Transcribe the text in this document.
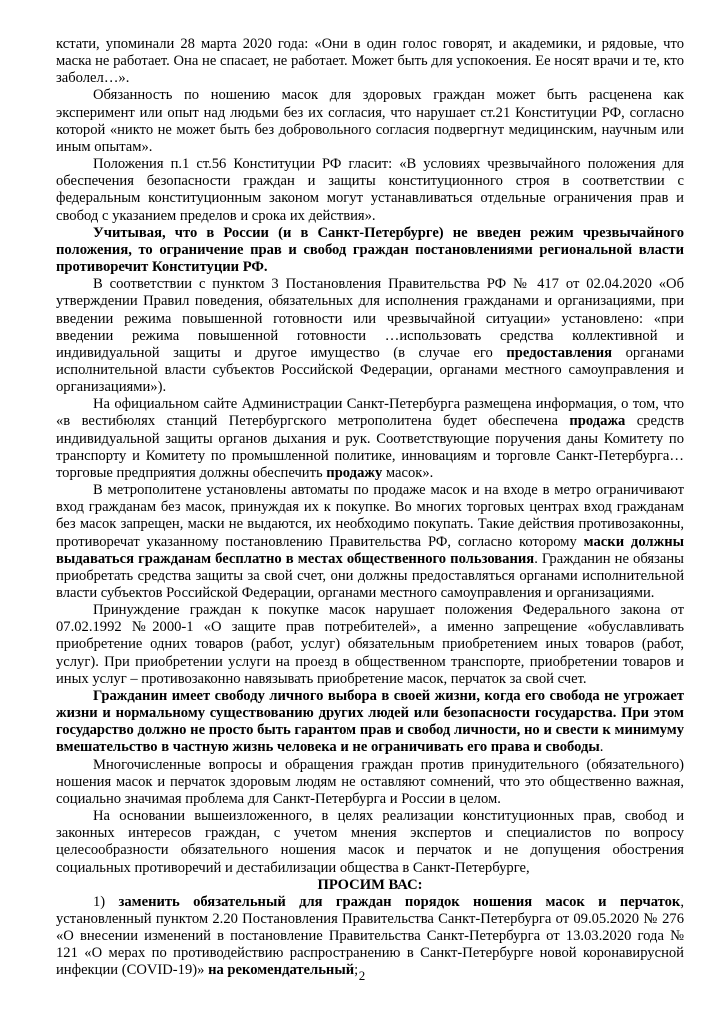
кстати, упоминали 28 марта 2020 года: «Они в один голос говорят, и академики, и рядовые, что маска не работает. Она не спасает, не работает. Может быть для успокоения. Ее носят врачи и те, кто заболел…».

Обязанность по ношению масок для здоровых граждан может быть расценена как эксперимент или опыт над людьми без их согласия, что нарушает ст.21 Конституции РФ, согласно которой «никто не может быть без добровольного согласия подвергнут медицинским, научным или иным опытам».

Положения п.1 ст.56 Конституции РФ гласит: «В условиях чрезвычайного положения для обеспечения безопасности граждан и защиты конституционного строя в соответствии с федеральным конституционным законом могут устанавливаться отдельные ограничения прав и свобод с указанием пределов и срока их действия».

Учитывая, что в России (и в Санкт-Петербурге) не введен режим чрезвычайного положения, то ограничение прав и свобод граждан постановлениями региональной власти противоречит Конституции РФ.

В соответствии с пунктом 3 Постановления Правительства РФ № 417 от 02.04.2020 «Об утверждении Правил поведения, обязательных для исполнения гражданами и организациями, при введении режима повышенной готовности или чрезвычайной ситуации» установлено: «при введении режима повышенной готовности …использовать средства коллективной и индивидуальной защиты и другое имущество (в случае его предоставления органами исполнительной власти субъектов Российской Федерации, органами местного самоуправления и организациями»).

На официальном сайте Администрации Санкт-Петербурга размещена информация, о том, что «в вестибюлях станций Петербургского метрополитена будет обеспечена продажа средств индивидуальной защиты органов дыхания и рук. Соответствующие поручения даны Комитету по транспорту и Комитету по промышленной политике, инновациям и торговле Санкт-Петербурга… торговые предприятия должны обеспечить продажу масок».

В метрополитене установлены автоматы по продаже масок и на входе в метро ограничивают вход гражданам без масок, принуждая их к покупке. Во многих торговых центрах вход гражданам без масок запрещен, маски не выдаются, их необходимо покупать. Такие действия противозаконны, противоречат указанному постановлению Правительства РФ, согласно которому маски должны выдаваться гражданам бесплатно в местах общественного пользования. Гражданин не обязаны приобретать средства защиты за свой счет, они должны предоставляться органами исполнительной власти субъектов Российской Федерации, органами местного самоуправления и организациями.

Принуждение граждан к покупке масок нарушает положения Федерального закона от 07.02.1992 №2000-1 «О защите прав потребителей», а именно запрещение «обуславливать приобретение одних товаров (работ, услуг) обязательным приобретением иных товаров (работ, услуг). При приобретении услуги на проезд в общественном транспорте, приобретении товаров и иных услуг – противозаконно навязывать приобретение масок, перчаток за свой счет.

Гражданин имеет свободу личного выбора в своей жизни, когда его свобода не угрожает жизни и нормальному существованию других людей или безопасности государства. При этом государство должно не просто быть гарантом прав и свобод личности, но и свести к минимуму вмешательство в частную жизнь человека и не ограничивать его права и свободы.

Многочисленные вопросы и обращения граждан против принудительного (обязательного) ношения масок и перчаток здоровым людям не оставляют сомнений, что это общественно важная, социально значимая проблема для Санкт-Петербурга и России в целом.

На основании вышеизложенного, в целях реализации конституционных прав, свобод и законных интересов граждан, с учетом мнения экспертов и специалистов по вопросу целесообразности обязательного ношения масок и перчаток и не допущения обострения социальных противоречий и дестабилизации общества в Санкт-Петербурге,

ПРОСИМ ВАС:

1) заменить обязательный для граждан порядок ношения масок и перчаток, установленный пунктом 2.20 Постановления Правительства Санкт-Петербурга от 09.05.2020 № 276 «О внесении изменений в постановление Правительства Санкт-Петербурга от 13.03.2020 года № 121 «О мерах по противодействию распространению в Санкт-Петербурге новой коронавирусной инфекции (COVID-19)» на рекомендательный; 2
